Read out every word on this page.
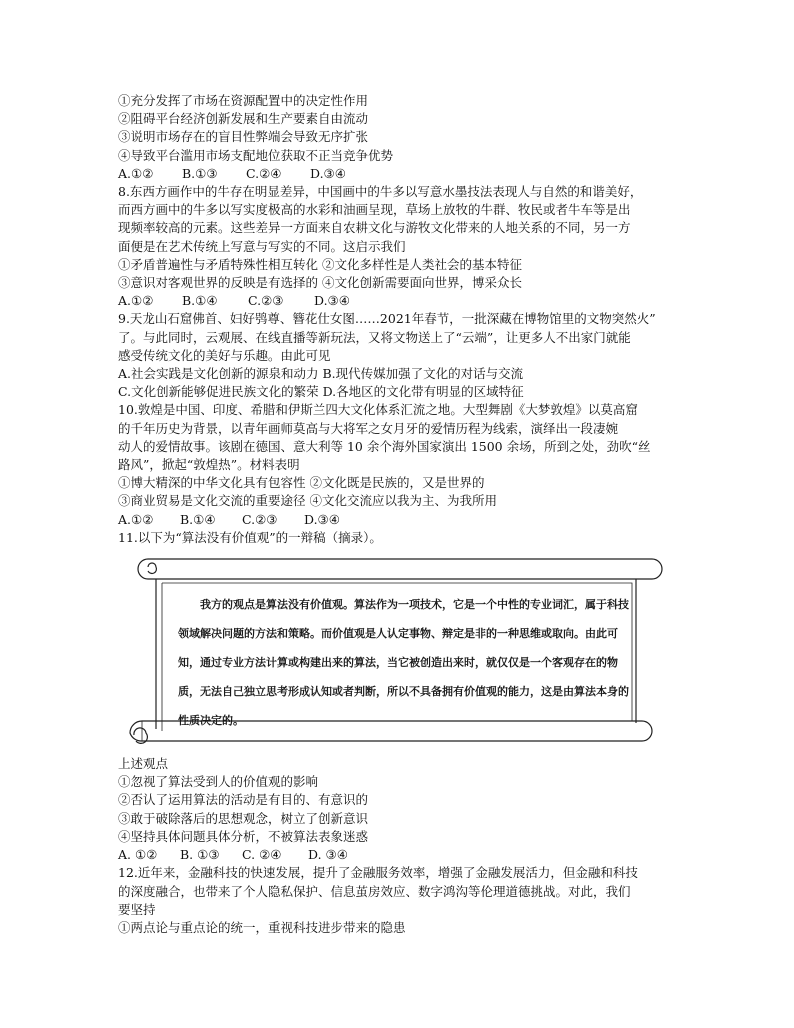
①充分发挥了市场在资源配置中的决定性作用
②阻碍平台经济创新发展和生产要素自由流动
③说明市场存在的盲目性弊端会导致无序扩张
④导致平台滥用市场支配地位获取不正当竞争优势
A.①②	B.①③	C.②④	D.③④
8.东西方画作中的牛存在明显差异，中国画中的牛多以写意水墨技法表现人与自然的和谐美好，
而西方画中的牛多以写实度极高的水彩和油画呈现，草场上放牧的牛群、牧民或者牛车等是出
现频率较高的元素。这些差异一方面来自农耕文化与游牧文化带来的人地关系的不同，另一方
面便是在艺术传统上写意与写实的不同。这启示我们
①矛盾普遍性与矛盾特殊性相互转化 ②文化多样性是人类社会的基本特征
③意识对客观世界的反映是有选择的 ④文化创新需要面向世界，博采众长
A.①②	B.①④	C.②③	D.③④
9.天龙山石窟佛首、妇好鸮尊、簪花仕女图……2021年春节，一批深藏在博物馆里的文物突然火”
了。与此同时，云观展、在线直播等新玩法，又将文物送上了“云端”，让更多人不出家门就能
感受传统文化的美好与乐趣。由此可见
A.社会实践是文化创新的源泉和动力 B.现代传媒加强了文化的对话与交流
C.文化创新能够促进民族文化的繁荣 D.各地区的文化带有明显的区域特征
10.敦煌是中国、印度、希腊和伊斯兰四大文化体系汇流之地。大型舞剧《大梦敦煌》以莫高窟
的千年历史为背景，以青年画师莫高与大将军之女月牙的爱情历程为线索，演绎出一段凄婉
动人的爱情故事。该剧在德国、意大利等 10 余个海外国家演出 1500 余场，所到之处，劲吹“丝
路风”，掀起“敦煌热”。材料表明
①博大精深的中华文化具有包容性 ②文化既是民族的，又是世界的
③商业贸易是文化交流的重要途径 ④文化交流应以我为主、为我所用
A.①②	B.①④	C.②③	D.③④
11.以下为“算法没有价值观”的一辩稿（摘录）。
我方的观点是算法没有价值观。算法作为一项技术，它是一个中性的专业词汇，属于科技领域解决问题的方法和策略。而价值观是人认定事物、辩定是非的一种思维或取向。由此可知，通过专业方法计算或构建出来的算法，当它被创造出来时，就仅仅是一个客观存在的物质，无法自己独立思考形成认知或者判断，所以不具备拥有价值观的能力，这是由算法本身的性质决定的。
上述观点
①忽视了算法受到人的价值观的影响
②否认了运用算法的活动是有目的、有意识的
③敢于破除落后的思想观念，树立了创新意识
④坚持具体问题具体分析，不被算法表象迷惑
A. ①②	B. ①③	C. ②④	D. ③④
12.近年来，金融科技的快速发展，提升了金融服务效率，增强了金融发展活力，但金融和科技
的深度融合，也带来了个人隐私保护、信息茧房效应、数字鸿沟等伦理道德挑战。对此，我们
要坚持
①两点论与重点论的统一，重视科技进步带来的隐患
